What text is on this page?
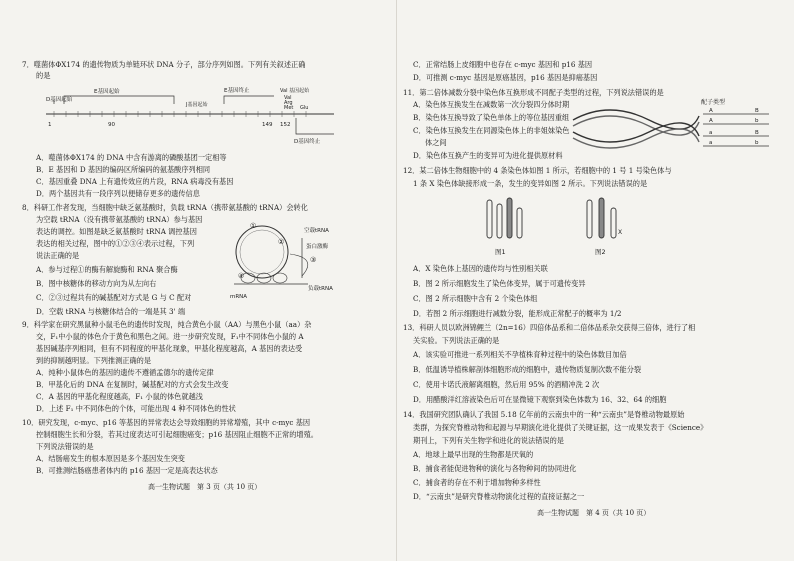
7．噬菌体ΦX174 的遗传物质为单链环状 DNA 分子，部分序列如图。下列有关叙述正确
的是
E基因起始
D基因起始
E基因终止
J基因起始
Val 基因起始
Val
Arg
Met Glu
1	90	149 152
D基因终止
A．噬菌体ΦX174 的 DNA 中含有游离的磷酸基团一定相等
B．E 基因和 D 基因的编码区所编码的氨基酸序列相同
C．基因重叠 DNA 上有遗传效应的片段，RNA 病毒没有基因
D．两个基因共有一段序列以便储存更多的遗传信息
8．科研工作者发现，当细胞中缺乏氨基酸时，负载 tRNA（携带氨基酸的 tRNA）会转化
为空载 tRNA（没有携带氨基酸的 tRNA）参与基因
表达的调控。如图是缺乏氨基酸时 tRNA 调控基因
表达的相关过程，图中的①②③④表示过程，下列
说法正确的是
①
②
③
④
空载tRNA
蛋白激酶
mRNA
负载tRNA
A．参与过程①的酶有解旋酶和 RNA 聚合酶
B．图中核糖体的移动方向为从左向右
C．②③过程共有的碱基配对方式是 G 与 C 配对
D．空载 tRNA 与核糖体结合的一端是其 3' 端
9．科学家在研究黑鼠种小鼠毛色的遗传时发现，纯合黄色小鼠（AA）与黑色小鼠（aa）杂
交，F₁中小鼠的体色介于黄色和黑色之间。进一步研究发现，F₁中不同体色小鼠的 A
基因碱基序列相同，但有不同程度的甲基化现象，甲基化程度越高，A 基因的表达受
到的抑制越明显。下列推测正确的是
A．纯种小鼠体色的基因的遗传不遵循孟德尔的遗传定律
B．甲基化后的 DNA 在复制时，碱基配对的方式会发生改变
C．A 基因的甲基化程度越高，F₁ 小鼠的体色就越浅
D．上述 F₁ 中不同体色的个体，可能出现 4 种不同体色的性状
10．研究发现，c-myc、p16 等基因的异常表达会导致细胞的异常增殖，其中 c-myc 基因
控制细胞生长和分裂，若其过度表达可引起细胞癌变；p16 基因阻止细胞不正常的增殖。
下列说法错误的是
A．结肠癌发生的根本原因是多个基因发生突变
B．可推测结肠癌患者体内的 p16 基因一定是高表达状态
高一生物试题　第 3 页（共 10 页）
C．正常结肠上皮细胞中也存在 c-myc 基因和 p16 基因
D．可推测 c-myc 基因是原癌基因，p16 基因是抑癌基因
11．第二倍体减数分裂中染色体互换形成不同配子类型的过程，下列说法错误的是
A．染色体互换发生在减数第一次分裂四分体时期
B．染色体互换导致了染色单体上的等位基因重组
C．染色体互换发生在同源染色体上的非姐妹染色
体之间
D．染色体互换产生的变异可为进化提供原材料
配子类型
A	B
A	b
a	B
a	b
12．某二倍体生物细胞中的 4 条染色体如图 1 所示，若细胞中的 1 号 1 号染色体与
1 条 X 染色体缺接形成一条，发生的变异如图 2 所示。下列说法错误的是
图1
X
图2
A．X 染色体上基因的遗传均与性别相关联
B．图 2 所示细胞发生了染色体变异，属于可遗传变异
C．图 2 所示细胞中含有 2 个染色体组
D．若图 2 所示细胞进行减数分裂，能形成正常配子的概率为 1/2
13．科研人员以欧洲锦鲤兰（2n=16）四倍体品系和二倍体品系杂交获得三倍体，进行了相
关实验。下列说法正确的是
A．该实验可推进一系列相关不孕植株育种过程中的染色体数目加倍
B．低温诱导植株解剖体细胞形成的细胞中，遗传物质复制次数不能分裂
C．使用卡诺氏液解离细胞，然后用 95% 的酒精冲洗 2 次
D．用醋酸洋红溶液染色后可在显微镜下观察到染色体数为 16、32、64 的细胞
14．我国研究团队确认了我国 5.18 亿年前的云南虫中的一种“云南虫”是脊椎动物最原始
类群，为探究脊椎动物和起源与早期演化进化提供了关键证据，这一成果发表于《Science》
期刊上，下列有关生物学和进化的说法错误的是
A．地球上最早出现的生物都是厌氧的
B．捕食者能促进物种的演化与各物种间的协同进化
C．捕食者的存在不利于增加物种多样性
D．“云南虫”是研究脊椎动物演化过程的直接证据之一
高一生物试题　第 4 页（共 10 页）
